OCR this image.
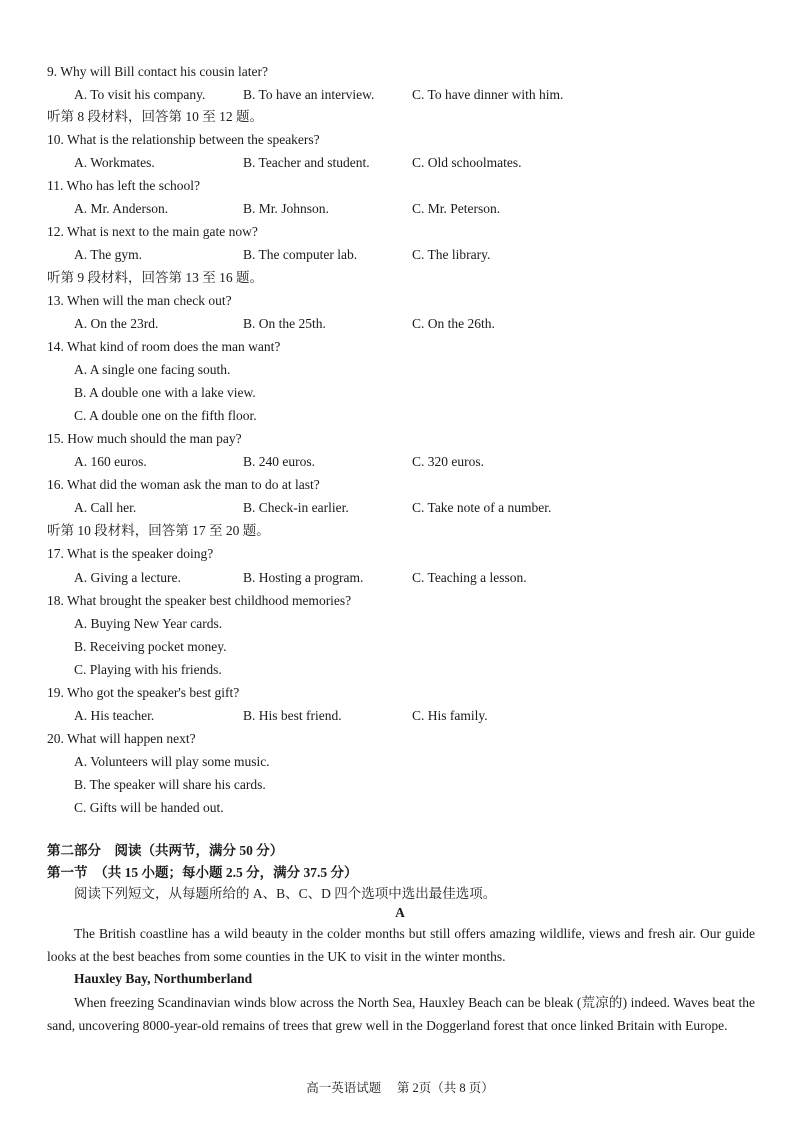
9. Why will Bill contact his cousin later?
A. To visit his company.	B. To have an interview.	C. To have dinner with him.
听第 8 段材料，回答第 10 至 12 题。
10. What is the relationship between the speakers?
A. Workmates.	B. Teacher and student.	C. Old schoolmates.
11. Who has left the school?
A. Mr. Anderson.	B. Mr. Johnson.	C. Mr. Peterson.
12. What is next to the main gate now?
A. The gym.	B. The computer lab.	C. The library.
听第 9 段材料，回答第 13 至 16 题。
13. When will the man check out?
A. On the 23rd.	B. On the 25th.	C. On the 26th.
14. What kind of room does the man want?
A. A single one facing south.
B. A double one with a lake view.
C. A double one on the fifth floor.
15. How much should the man pay?
A. 160 euros.	B. 240 euros.	C. 320 euros.
16. What did the woman ask the man to do at last?
A. Call her.	B. Check-in earlier.	C. Take note of a number.
听第 10 段材料，回答第 17 至 20 题。
17. What is the speaker doing?
A. Giving a lecture.	B. Hosting a program.	C. Teaching a lesson.
18. What brought the speaker best childhood memories?
A. Buying New Year cards.
B. Receiving pocket money.
C. Playing with his friends.
19. Who got the speaker's best gift?
A. His teacher.	B. His best friend.	C. His family.
20. What will happen next?
A. Volunteers will play some music.
B. The speaker will share his cards.
C. Gifts will be handed out.
第二部分　阅读（共两节，满分 50 分）
第一节　（共 15 小题；每小题 2.5 分，满分 37.5 分）
阅读下列短文，从每题所给的 A、B、C、D 四个选项中选出最佳选项。
A
The British coastline has a wild beauty in the colder months but still offers amazing wildlife, views and fresh air. Our guide looks at the best beaches from some counties in the UK to visit in the winter months.
Hauxley Bay, Northumberland
When freezing Scandinavian winds blow across the North Sea, Hauxley Beach can be bleak (荒凉的) indeed. Waves beat the sand, uncovering 8000-year-old remains of trees that grew well in the Doggerland forest that once linked Britain with Europe.
高一英语试题　 第 2页（共 8 页）
